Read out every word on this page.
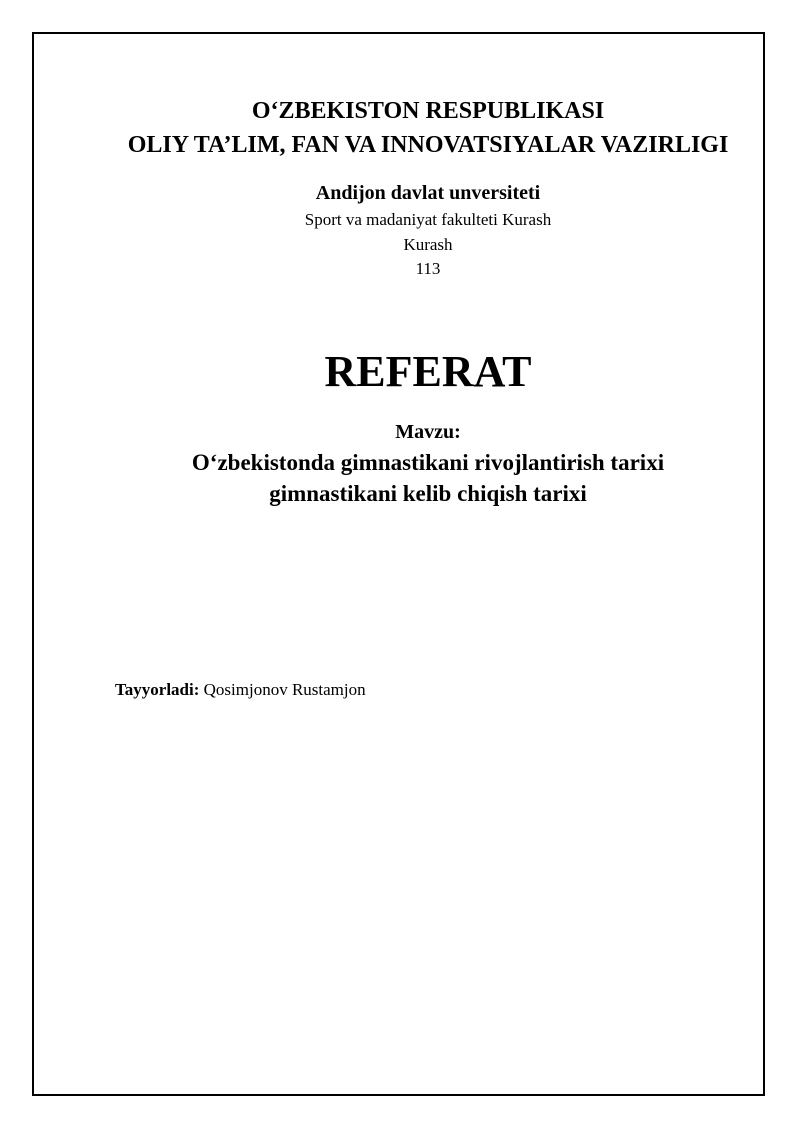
O‘ZBEKISTON RESPUBLIKASI

OLIY TA’LIM, FAN VA INNOVATSIYALAR VAZIRLIGI

Andijon davlat unversiteti

Sport va madaniyat fakulteti Kurash

Kurash

113

REFERAT

Mavzu:

O‘zbekistonda gimnastikani rivojlantirish tarixi

gimnastikani kelib chiqish tarixi

Tayyorladi: Qosimjonov Rustamjon
